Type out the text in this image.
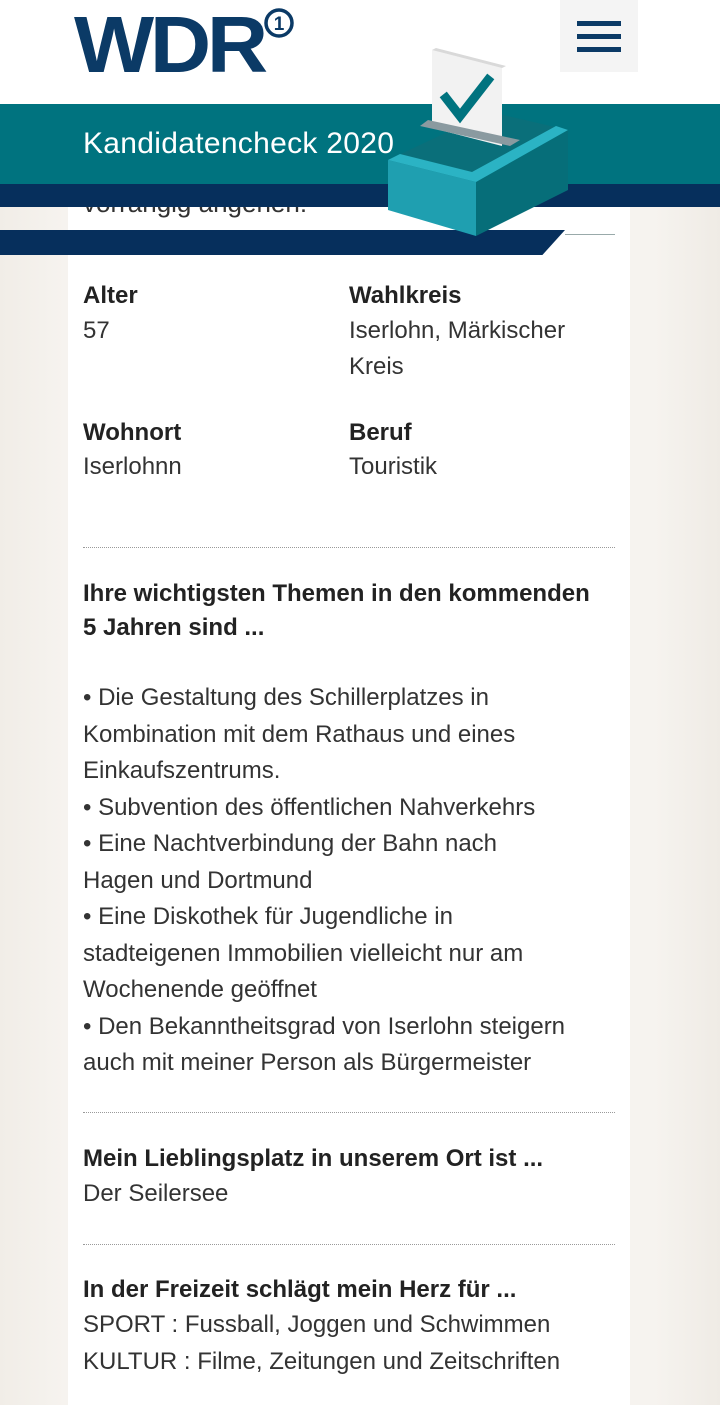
WDR 1
Kandidatencheck 2020
Alter
57
Wahlkreis
Iserlohn, Märkischer
Kreis
Wohnort
Iserlohnn
Beruf
Touristik
Ihre wichtigsten Themen in den kommenden
5 Jahren sind ...
• Die Gestaltung des Schillerplatzes in
Kombination mit dem Rathaus und eines
Einkaufszentrums.
• Subvention des öffentlichen Nahverkehrs
• Eine Nachtverbindung der Bahn nach
Hagen und Dortmund
• Eine Diskothek für Jugendliche in
stadteigenen Immobilien vielleicht nur am
Wochenende geöffnet
• Den Bekanntheitsgrad von Iserlohn steigern
auch mit meiner Person als Bürgermeister
Mein Lieblingsplatz in unserem Ort ist ...
Der Seilersee
In der Freizeit schlägt mein Herz für ...
SPORT : Fussball, Joggen und Schwimmen
KULTUR : Filme, Zeitungen und Zeitschriften
